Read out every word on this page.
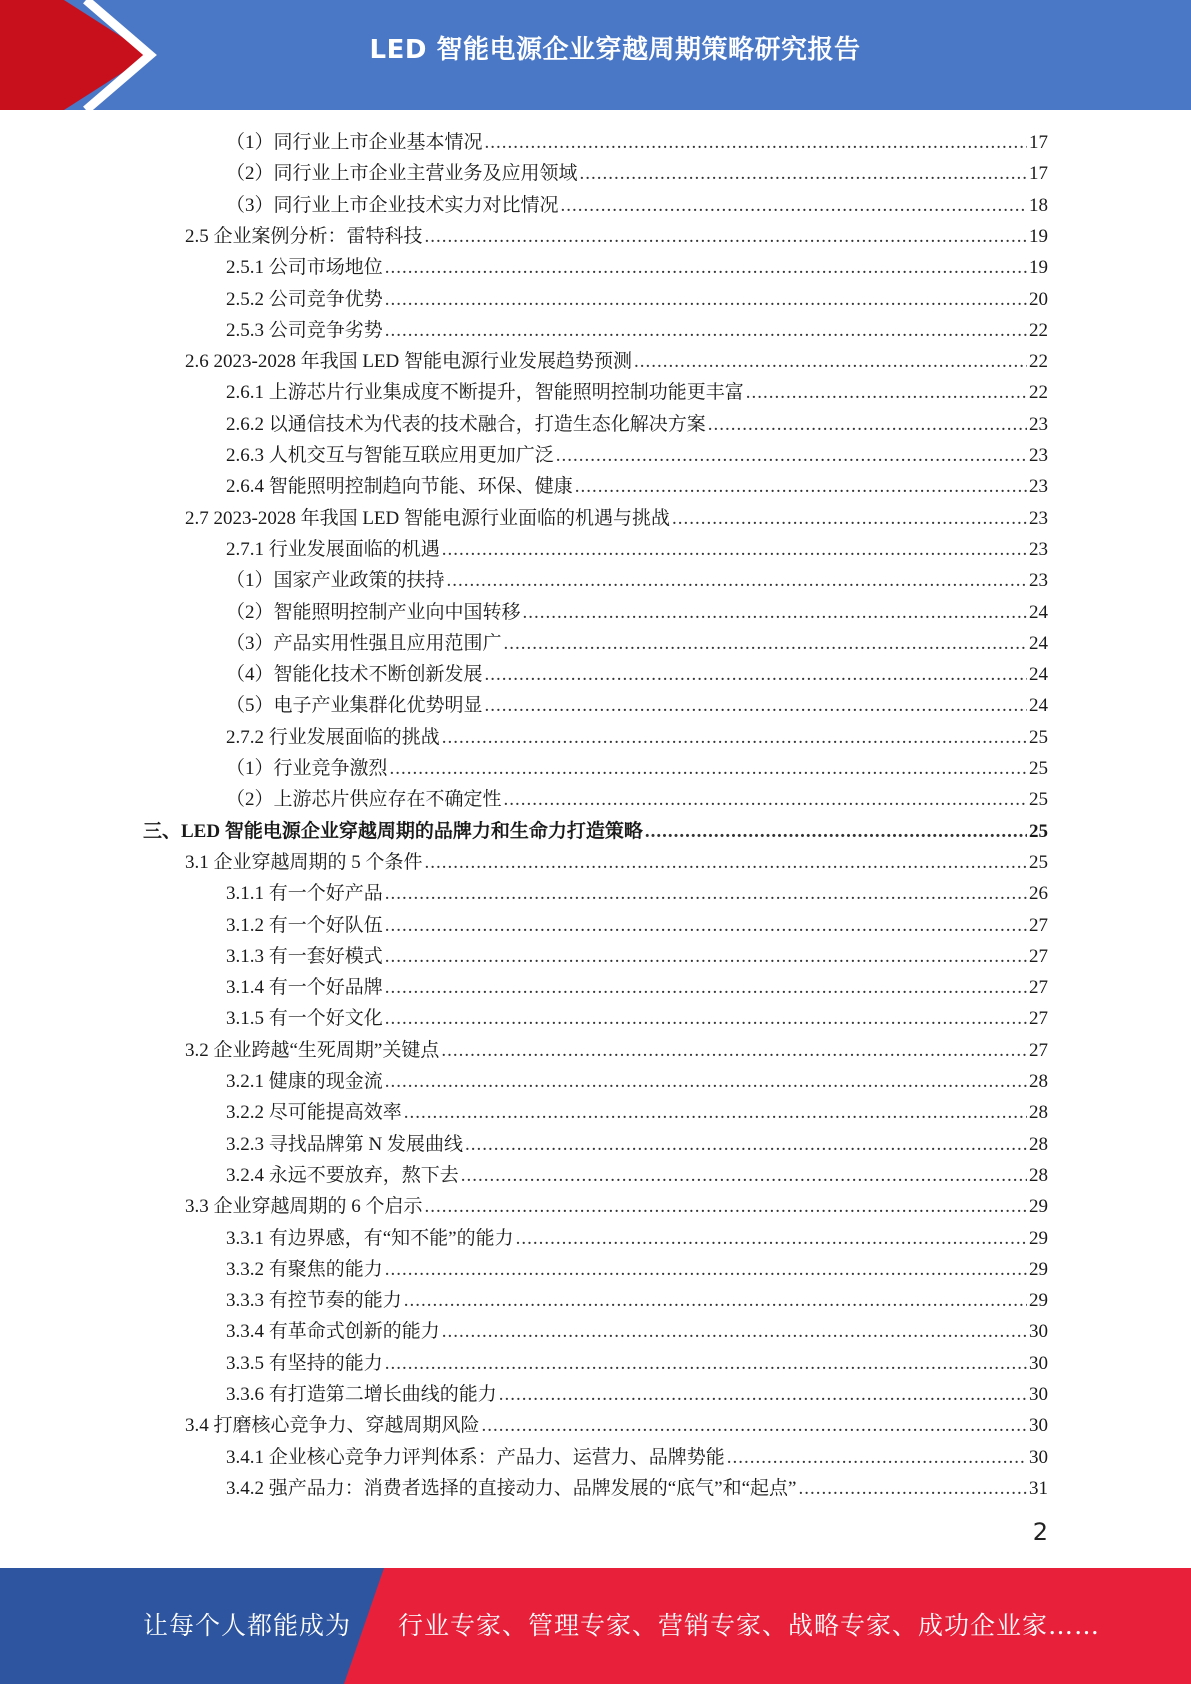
LED 智能电源企业穿越周期策略研究报告
（1）同行业上市企业基本情况 .....	17
（2）同行业上市企业主营业务及应用领域 .....	17
（3）同行业上市企业技术实力对比情况 .....	18
2.5 企业案例分析：雷特科技 .....	19
2.5.1 公司市场地位 .....	19
2.5.2 公司竞争优势 .....	20
2.5.3 公司竞争劣势 .....	22
2.6 2023-2028 年我国 LED 智能电源行业发展趋势预测 .....	22
2.6.1 上游芯片行业集成度不断提升，智能照明控制功能更丰富 .....	22
2.6.2 以通信技术为代表的技术融合，打造生态化解决方案 .....	23
2.6.3 人机交互与智能互联应用更加广泛 .....	23
2.6.4 智能照明控制趋向节能、环保、健康 .....	23
2.7 2023-2028 年我国 LED 智能电源行业面临的机遇与挑战 .....	23
2.7.1 行业发展面临的机遇 .....	23
（1）国家产业政策的扶持 .....	23
（2）智能照明控制产业向中国转移 .....	24
（3）产品实用性强且应用范围广 .....	24
（4）智能化技术不断创新发展 .....	24
（5）电子产业集群化优势明显 .....	24
2.7.2 行业发展面临的挑战 .....	25
（1）行业竞争激烈 .....	25
（2）上游芯片供应存在不确定性 .....	25
三、LED 智能电源企业穿越周期的品牌力和生命力打造策略 .....	25
3.1 企业穿越周期的 5 个条件 .....	25
3.1.1 有一个好产品 .....	26
3.1.2 有一个好队伍 .....	27
3.1.3 有一套好模式 .....	27
3.1.4 有一个好品牌 .....	27
3.1.5 有一个好文化 .....	27
3.2 企业跨越“生死周期”关键点 .....	27
3.2.1 健康的现金流 .....	28
3.2.2 尽可能提高效率 .....	28
3.2.3 寻找品牌第 N 发展曲线 .....	28
3.2.4 永远不要放弃，熬下去 .....	28
3.3 企业穿越周期的 6 个启示 .....	29
3.3.1 有边界感，有“知不能”的能力 .....	29
3.3.2 有聚焦的能力 .....	29
3.3.3 有控节奏的能力 .....	29
3.3.4 有革命式创新的能力 .....	30
3.3.5 有坚持的能力 .....	30
3.3.6 有打造第二增长曲线的能力 .....	30
3.4 打磨核心竞争力、穿越周期风险 .....	30
3.4.1 企业核心竞争力评判体系：产品力、运营力、品牌势能 .....	30
3.4.2 强产品力：消费者选择的直接动力、品牌发展的“底气”和“起点” .....	31
2
让每个人都能成为 行业专家、管理专家、营销专家、战略专家、成功企业家……
